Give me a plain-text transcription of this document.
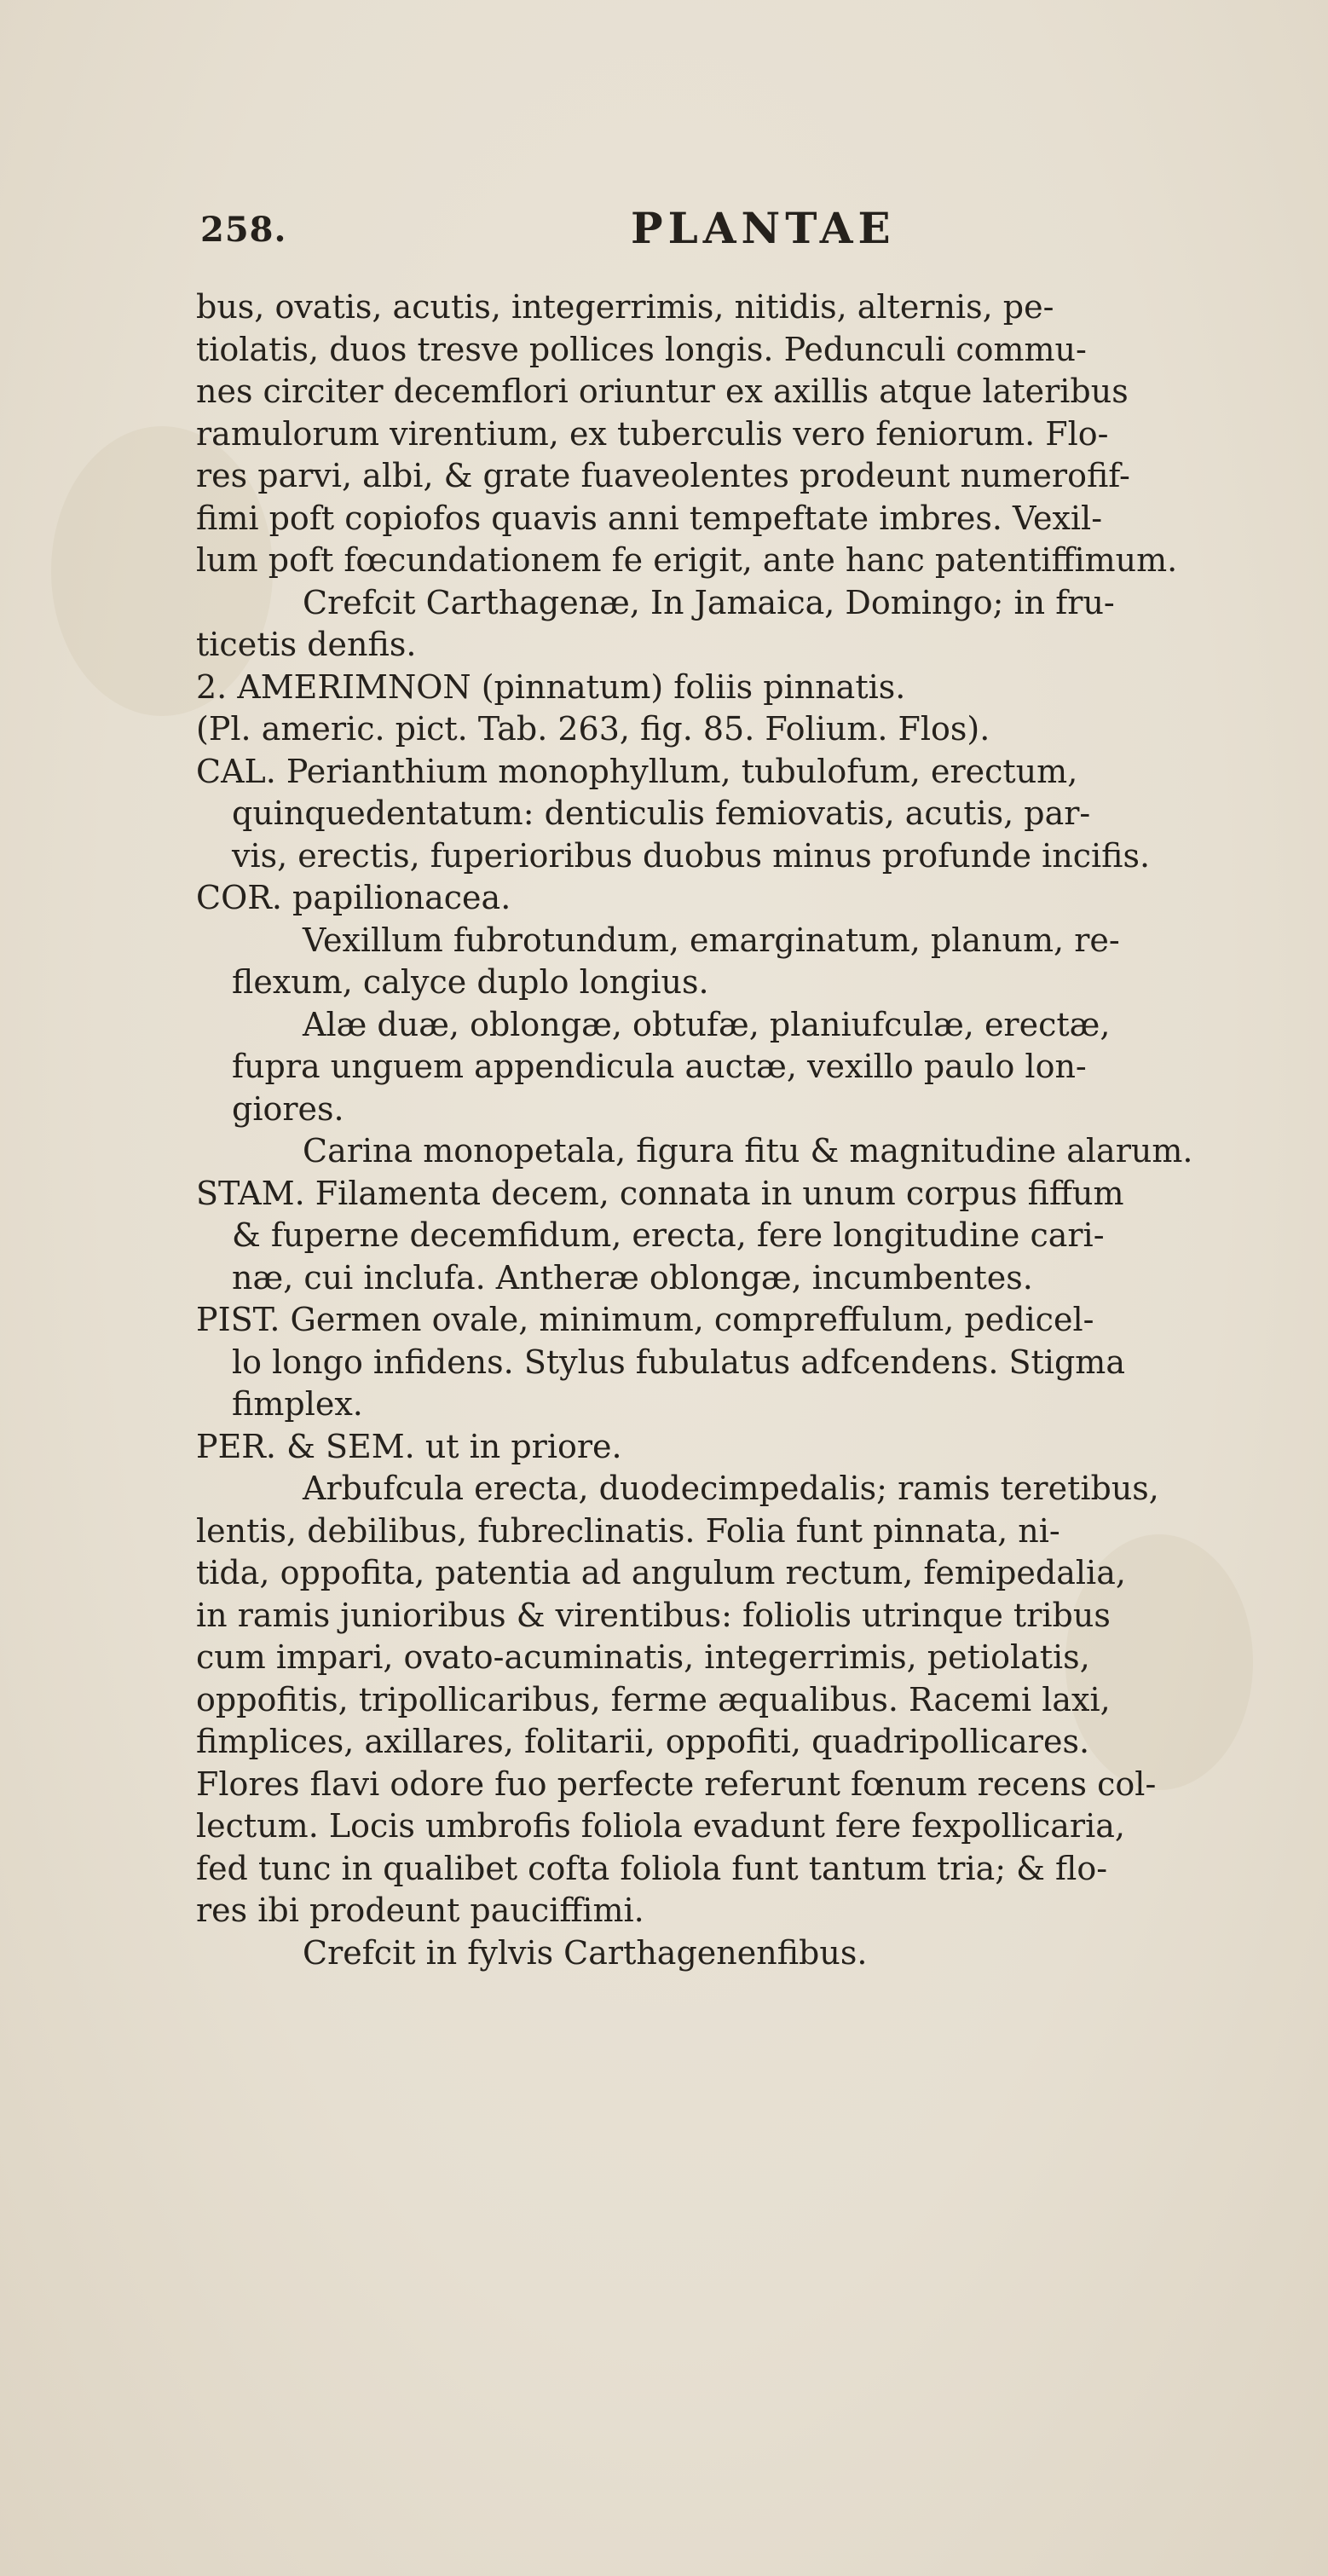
258.	PLANTAE
bus, ovatis, acutis, integerrimis, nitidis, alternis, pe-
tiolatis, duos tresve pollices longis. Pedunculi commu-
nes circiter decemflori oriuntur ex axillis atque lateribus
ramulorum virentium, ex tuberculis vero feniorum. Flo-
res parvi, albi, & grate fuaveolentes prodeunt numerofif-
fimi poft copiofos quavis anni tempeftate imbres. Vexil-
lum poft fœcundationem fe erigit, ante hanc patentiffimum.
Crefcit Carthagenæ, In Jamaica, Domingo; in fru-
ticetis denfis.
2. AMERIMNON (pinnatum) foliis pinnatis.
(Pl. americ. pict. Tab. 263, fig. 85. Folium. Flos).
CAL. Perianthium monophyllum, tubulofum, erectum,
quinquedentatum: denticulis femiovatis, acutis, par-
vis, erectis, fuperioribus duobus minus profunde incifis.
COR. papilionacea.
Vexillum fubrotundum, emarginatum, planum, re-
flexum, calyce duplo longius.
Alæ duæ, oblongæ, obtufæ, planiufculæ, erectæ,
fupra unguem appendicula auctæ, vexillo paulo lon-
giores.
Carina monopetala, figura fitu & magnitudine alarum.
STAM. Filamenta decem, connata in unum corpus fiffum
& fuperne decemfidum, erecta, fere longitudine cari-
næ, cui inclufa. Antheræ oblongæ, incumbentes.
PIST. Germen ovale, minimum, compreffulum, pedicel-
lo longo infidens. Stylus fubulatus adfcendens. Stigma
fimplex.
PER. & SEM. ut in priore.
Arbufcula erecta, duodecimpedalis; ramis teretibus,
lentis, debilibus, fubreclinatis. Folia funt pinnata, ni-
tida, oppofita, patentia ad angulum rectum, femipedalia,
in ramis junioribus & virentibus: foliolis utrinque tribus
cum impari, ovato-acuminatis, integerrimis, petiolatis,
oppofitis, tripollicaribus, ferme æqualibus. Racemi laxi,
fimplices, axillares, folitarii, oppofiti, quadripollicares.
Flores flavi odore fuo perfecte referunt fœnum recens col-
lectum. Locis umbrofis foliola evadunt fere fexpollicaria,
fed tunc in qualibet cofta foliola funt tantum tria; & flo-
res ibi prodeunt pauciffimi.
Crefcit in fylvis Carthagenenfibus.
